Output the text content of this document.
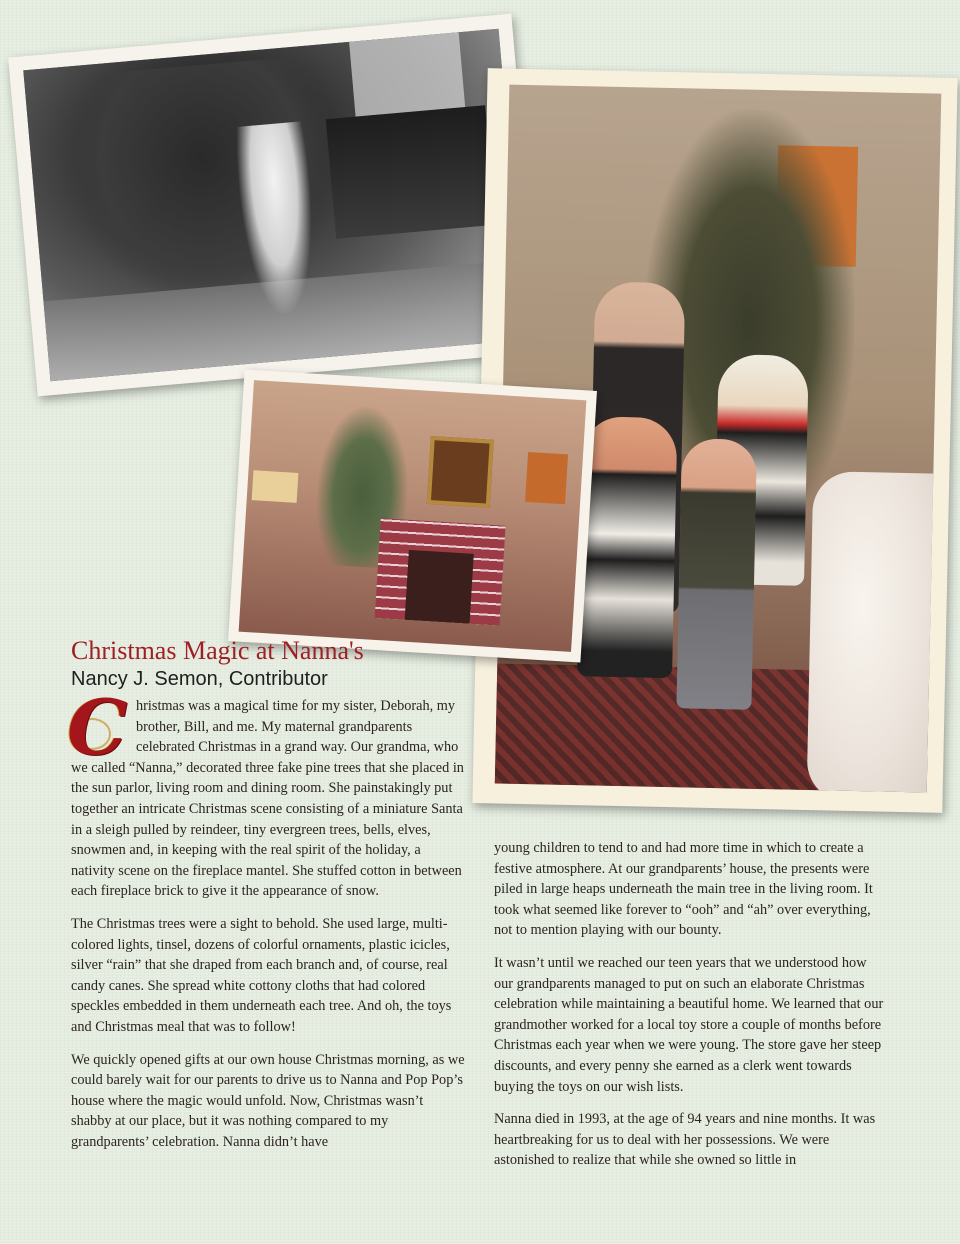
Christmas Magic at Nanna's
Nancy J. Semon, Contributor

C hristmas was a magical time for my sister, Deborah, my brother, Bill, and me. My maternal grandparents celebrated Christmas in a grand way. Our grandma, who we called “Nanna,” decorated three fake pine trees that she placed in the sun parlor, living room and dining room. She painstakingly put together an intricate Christmas scene consisting of a miniature Santa in a sleigh pulled by reindeer, tiny evergreen trees, bells, elves, snowmen and, in keeping with the real spirit of the holiday, a nativity scene on the fireplace mantel. She stuffed cotton in between each fireplace brick to give it the appearance of snow.

The Christmas trees were a sight to behold. She used large, multi-colored lights, tinsel, dozens of colorful ornaments, plastic icicles, silver “rain” that she draped from each branch and, of course, real candy canes. She spread white cottony cloths that had colored speckles embedded in them underneath each tree. And oh, the toys and Christmas meal that was to follow!

We quickly opened gifts at our own house Christmas morning, as we could barely wait for our parents to drive us to Nanna and Pop Pop’s house where the magic would unfold. Now, Christmas wasn’t shabby at our place, but it was nothing compared to my grandparents’ celebration. Nanna didn’t have

young children to tend to and had more time in which to create a festive atmosphere. At our grandparents’ house, the presents were piled in large heaps underneath the main tree in the living room. It took what seemed like forever to “ooh” and “ah” over everything, not to mention playing with our bounty.

It wasn’t until we reached our teen years that we understood how our grandparents managed to put on such an elaborate Christmas celebration while maintaining a beautiful home. We learned that our grandmother worked for a local toy store a couple of months before Christmas each year when we were young. The store gave her steep discounts, and every penny she earned as a clerk went towards buying the toys on our wish lists.

Nanna died in 1993, at the age of 94 years and nine months. It was heartbreaking for us to deal with her possessions. We were astonished to realize that while she owned so little in
